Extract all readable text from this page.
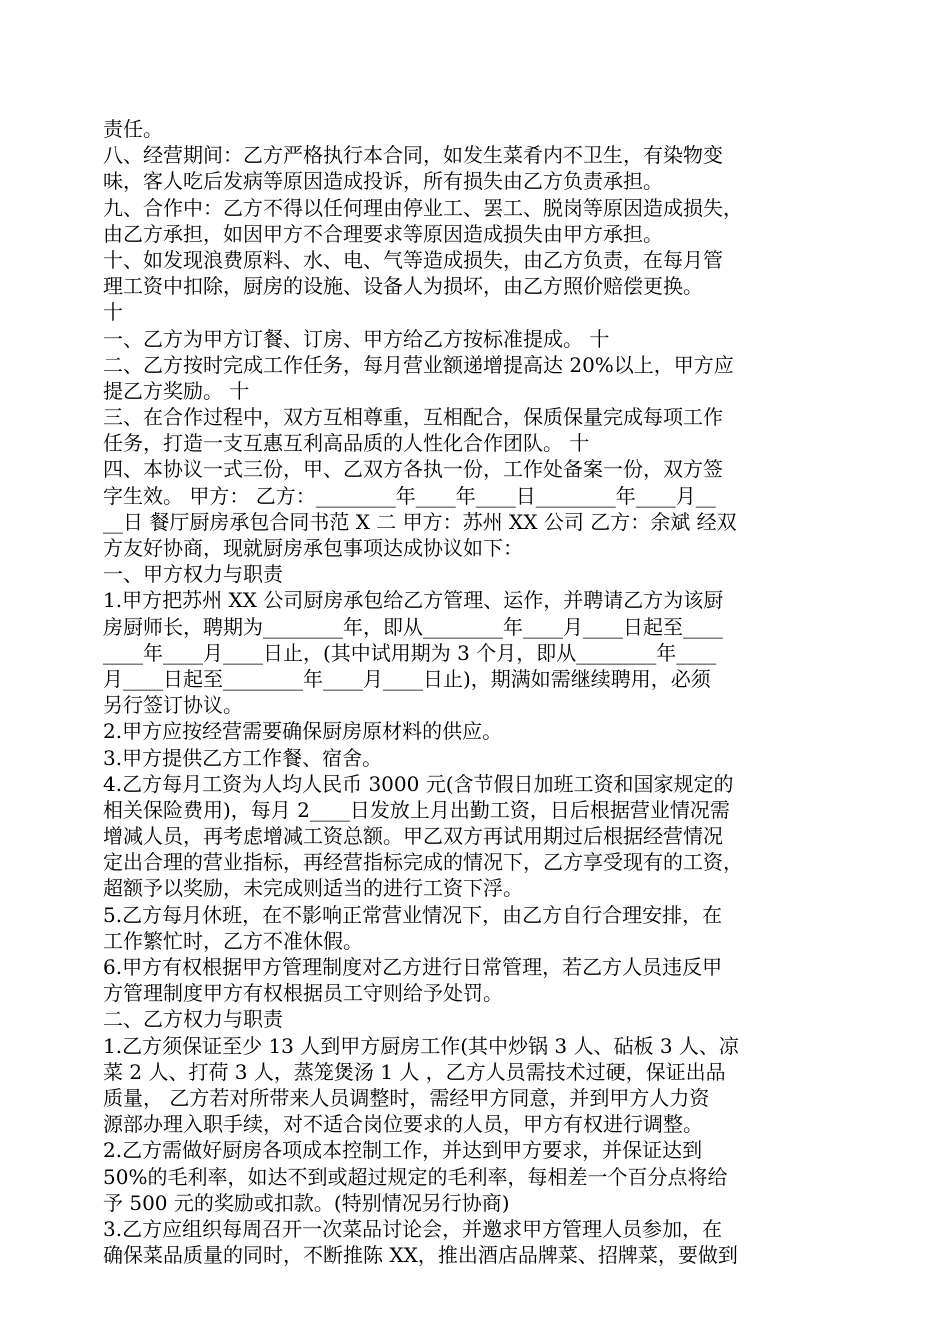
责任。
八、经营期间：乙方严格执行本合同，如发生菜肴内不卫生，有染物变
味，客人吃后发病等原因造成投诉，所有损失由乙方负责承担。
九、合作中：乙方不得以任何理由停业工、罢工、脱岗等原因造成损失，
由乙方承担，如因甲方不合理要求等原因造成损失由甲方承担。
十、如发现浪费原料、水、电、气等造成损失，由乙方负责，在每月管
理工资中扣除，厨房的设施、设备人为损坏，由乙方照价赔偿更换。
十
一、乙方为甲方订餐、订房、甲方给乙方按标准提成。 十
二、乙方按时完成工作任务，每月营业额递增提高达 20%以上，甲方应
提乙方奖励。 十
三、在合作过程中，双方互相尊重，互相配合，保质保量完成每项工作
任务，打造一支互惠互利高品质的人性化合作团队。 十
四、本协议一式三份，甲、乙双方各执一份，工作处备案一份，双方签
字生效。 甲方： 乙方：________年____年____日________年____月__
__日 餐厅厨房承包合同书范 X 二 甲方：苏州 XX 公司 乙方：余斌 经双
方友好协商，现就厨房承包事项达成协议如下：
一、甲方权力与职责
1.甲方把苏州 XX 公司厨房承包给乙方管理、运作，并聘请乙方为该厨
房厨师长，聘期为________年，即从________年____月____日起至____
____年____月____日止，(其中试用期为 3 个月，即从________年____
月____日起至________年____月____日止)，期满如需继续聘用，必须
另行签订协议。
2.甲方应按经营需要确保厨房原材料的供应。
3.甲方提供乙方工作餐、宿舍。
4.乙方每月工资为人均人民币 3000 元(含节假日加班工资和国家规定的
相关保险费用)，每月 2____日发放上月出勤工资，日后根据营业情况需
增减人员，再考虑增减工资总额。甲乙双方再试用期过后根据经营情况
定出合理的营业指标，再经营指标完成的情况下，乙方享受现有的工资，
超额予以奖励，未完成则适当的进行工资下浮。
5.乙方每月休班，在不影响正常营业情况下，由乙方自行合理安排，在
工作繁忙时，乙方不准休假。
6.甲方有权根据甲方管理制度对乙方进行日常管理，若乙方人员违反甲
方管理制度甲方有权根据员工守则给予处罚。
二、乙方权力与职责
1.乙方须保证至少 13 人到甲方厨房工作(其中炒锅 3 人、砧板 3 人、凉
菜 2 人、打荷 3 人，蒸笼煲汤 1 人 ，乙方人员需技术过硬，保证出品
质量， 乙方若对所带来人员调整时，需经甲方同意，并到甲方人力资
源部办理入职手续，对不适合岗位要求的人员，甲方有权进行调整。
2.乙方需做好厨房各项成本控制工作，并达到甲方要求，并保证达到
50%的毛利率，如达不到或超过规定的毛利率，每相差一个百分点将给
予 500 元的奖励或扣款。(特别情况另行协商)
3.乙方应组织每周召开一次菜品讨论会，并邀求甲方管理人员参加，在
确保菜品质量的同时，不断推陈 XX，推出酒店品牌菜、招牌菜，要做到
